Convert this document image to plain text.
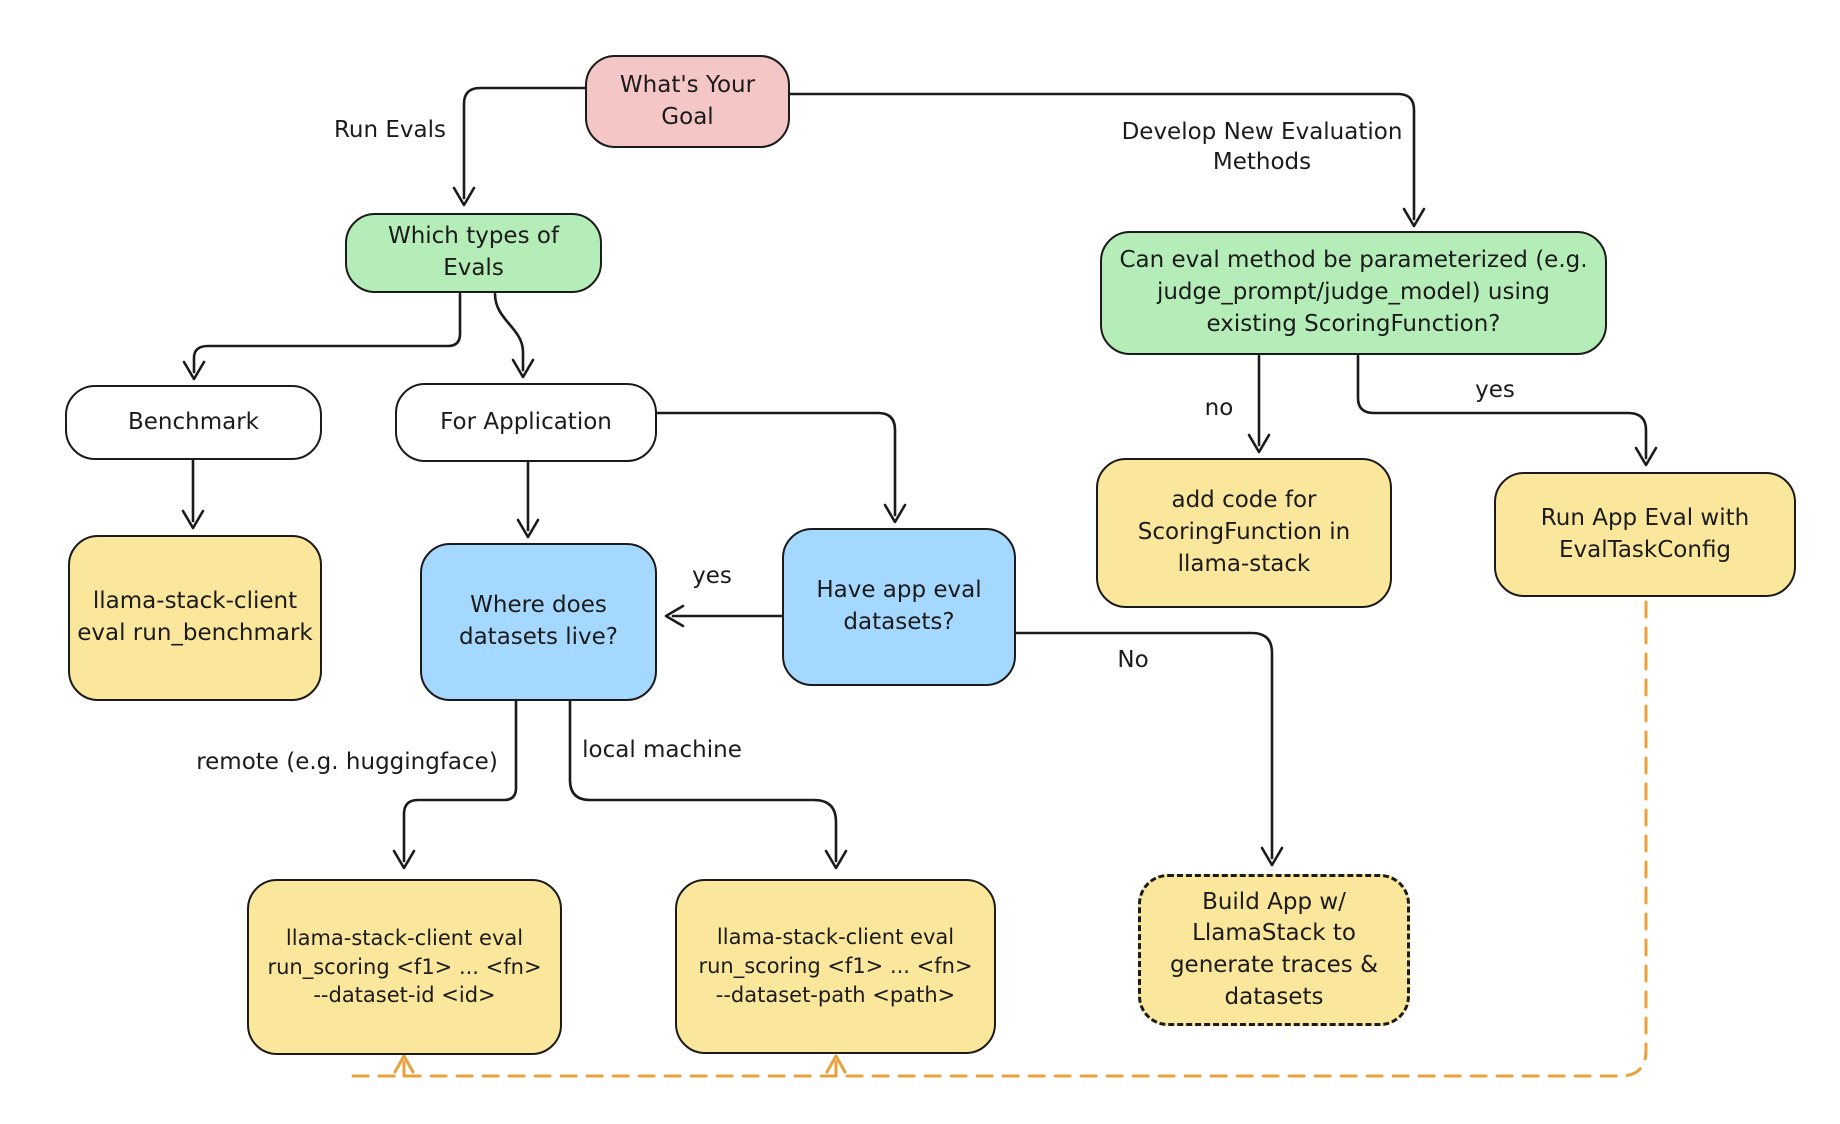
What's Your
Goal
Which types of
Evals
Benchmark	For Application
llama-stack-client
eval run_benchmark
Where does
datasets live?
Have app eval
datasets?
Can eval method be parameterized (e.g.
judge_prompt/judge_model) using
existing ScoringFunction?
add code for
ScoringFunction in
llama-stack
Run App Eval with
EvalTaskConfig
llama-stack-client eval
run_scoring <f1> ... <fn>
--dataset-id <id>
llama-stack-client eval
run_scoring <f1> ... <fn>
--dataset-path <path>
Build App w/
LlamaStack to
generate traces &
datasets
Run Evals	Develop New Evaluation
Methods
yes
yes
no
No
remote (e.g. huggingface)	local machine
